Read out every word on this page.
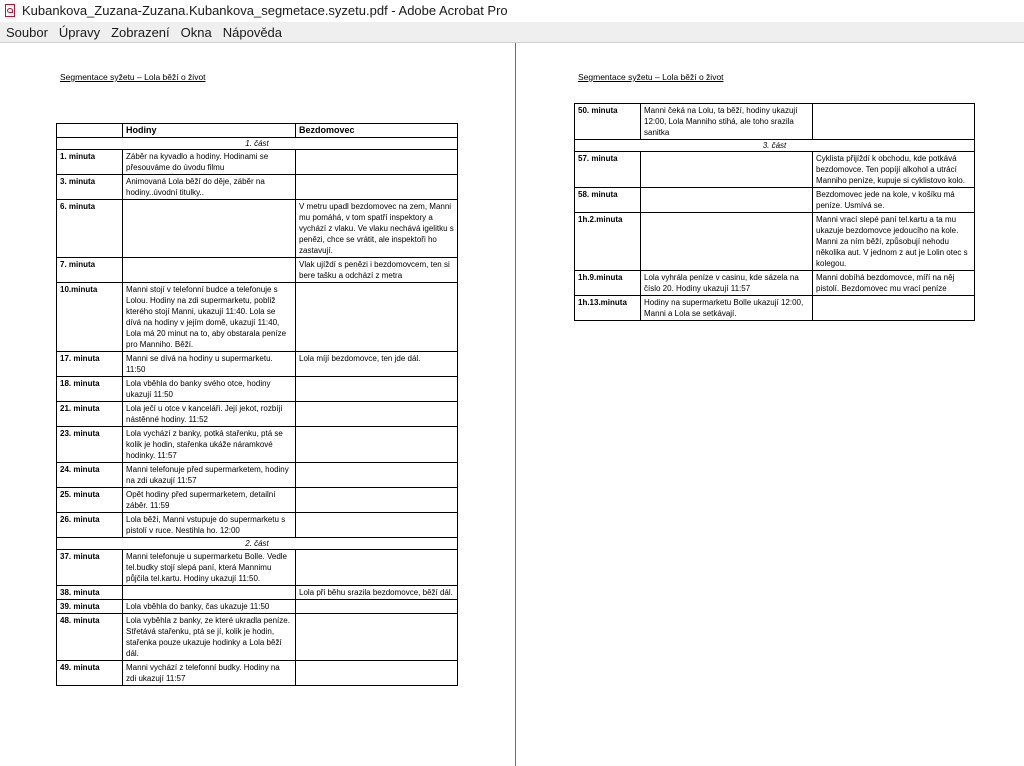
Kubankova_Zuzana-Zuzana.Kubankova_segmetace.syzetu.pdf - Adobe Acrobat Pro
Soubor Úpravy Zobrazení Okna Nápověda
Segmentace syžetu – Lola běží o život
	Hodiny	Bezdomovec
1. část		
1. minuta	Záběr na kyvadlo a hodiny. Hodinami se přesouváme do úvodu filmu	
3. minuta	Animovaná Lola běží do děje, záběr na hodiny..úvodní titulky..	
6. minuta		V metru upadl bezdomovec na zem, Manni mu pomáhá, v tom spatří inspektory a vychází z vlaku. Ve vlaku nechává igelitku s penězi, chce se vrátit, ale inspektoři ho zastavují.
7. minuta		Vlak ujíždí s penězi i bezdomovcem, ten si bere tašku a odchází z metra
10.minuta	Manni stojí v telefonní budce a telefonuje s Lolou. Hodiny na zdi supermarketu, poblíž kterého stojí Manni, ukazují 11:40. Lola se dívá na hodiny v jejím domě, ukazují 11:40, Lola má 20 minut na to, aby obstarala peníze pro Manniho. Běží.	
17. minuta	Manni se dívá na hodiny u supermarketu. 11:50	Lola míjí bezdomovce, ten jde dál.
18. minuta	Lola vběhla do banky svého otce, hodiny ukazují 11:50	
21. minuta	Lola ječí u otce v kanceláři. Její jekot, rozbíjí nástěnné hodiny. 11:52	
23. minuta	Lola vychází z banky, potká stařenku, ptá se kolik je hodin, stařenka ukáže náramkové hodinky. 11:57	
24. minuta	Manni telefonuje před supermarketem, hodiny na zdi ukazují 11:57	
25. minuta	Opět hodiny před supermarketem, detailní záběr. 11:59	
26. minuta	Lola běží, Manni vstupuje do supermarketu s pistolí v ruce. Nestihla ho. 12:00	
2. část		
37. minuta	Manni telefonuje u supermarketu Bolle. Vedle tel.budky stojí slepá paní, která Mannimu půjčila tel.kartu. Hodiny ukazují 11:50.	
38. minuta		Lola při běhu srazila bezdomovce, běží dál.
39. minuta	Lola vběhla do banky, čas ukazuje 11:50	
48. minuta	Lola vyběhla z banky, ze které ukradla peníze. Střetává stařenku, ptá se jí, kolik je hodin, stařenka pouze ukazuje hodinky a Lola běží dál.	
49. minuta	Manni vychází z telefonní budky. Hodiny na zdi ukazují 11:57	
Segmentace syžetu – Lola běží o život
50. minuta	Manni čeká na Lolu, ta běží, hodiny ukazují 12:00, Lola Manniho stihá, ale toho srazila sanitka	
3. část		
57. minuta		Cyklista přijíždí k obchodu, kde potkává bezdomovce. Ten popíjí alkohol a utrácí Manniho peníze, kupuje si cyklistovo kolo.
58. minuta		Bezdomovec jede na kole, v košíku má peníze. Usmívá se.
1h.2.minuta		Manni vrací slepé paní tel.kartu a ta mu ukazuje bezdomovce jedoucího na kole. Manni za ním běží, způsobují nehodu několika aut. V jednom z aut je Lolin otec s kolegou.
1h.9.minuta	Lola vyhrála peníze v casinu, kde sázela na číslo 20. Hodiny ukazují 11:57	Manni dobíhá bezdomovce, míří na něj pistolí. Bezdomovec mu vrací peníze
1h.13.minuta	Hodiny na supermarketu Bolle ukazují 12:00, Manni a Lola se setkávají.	
